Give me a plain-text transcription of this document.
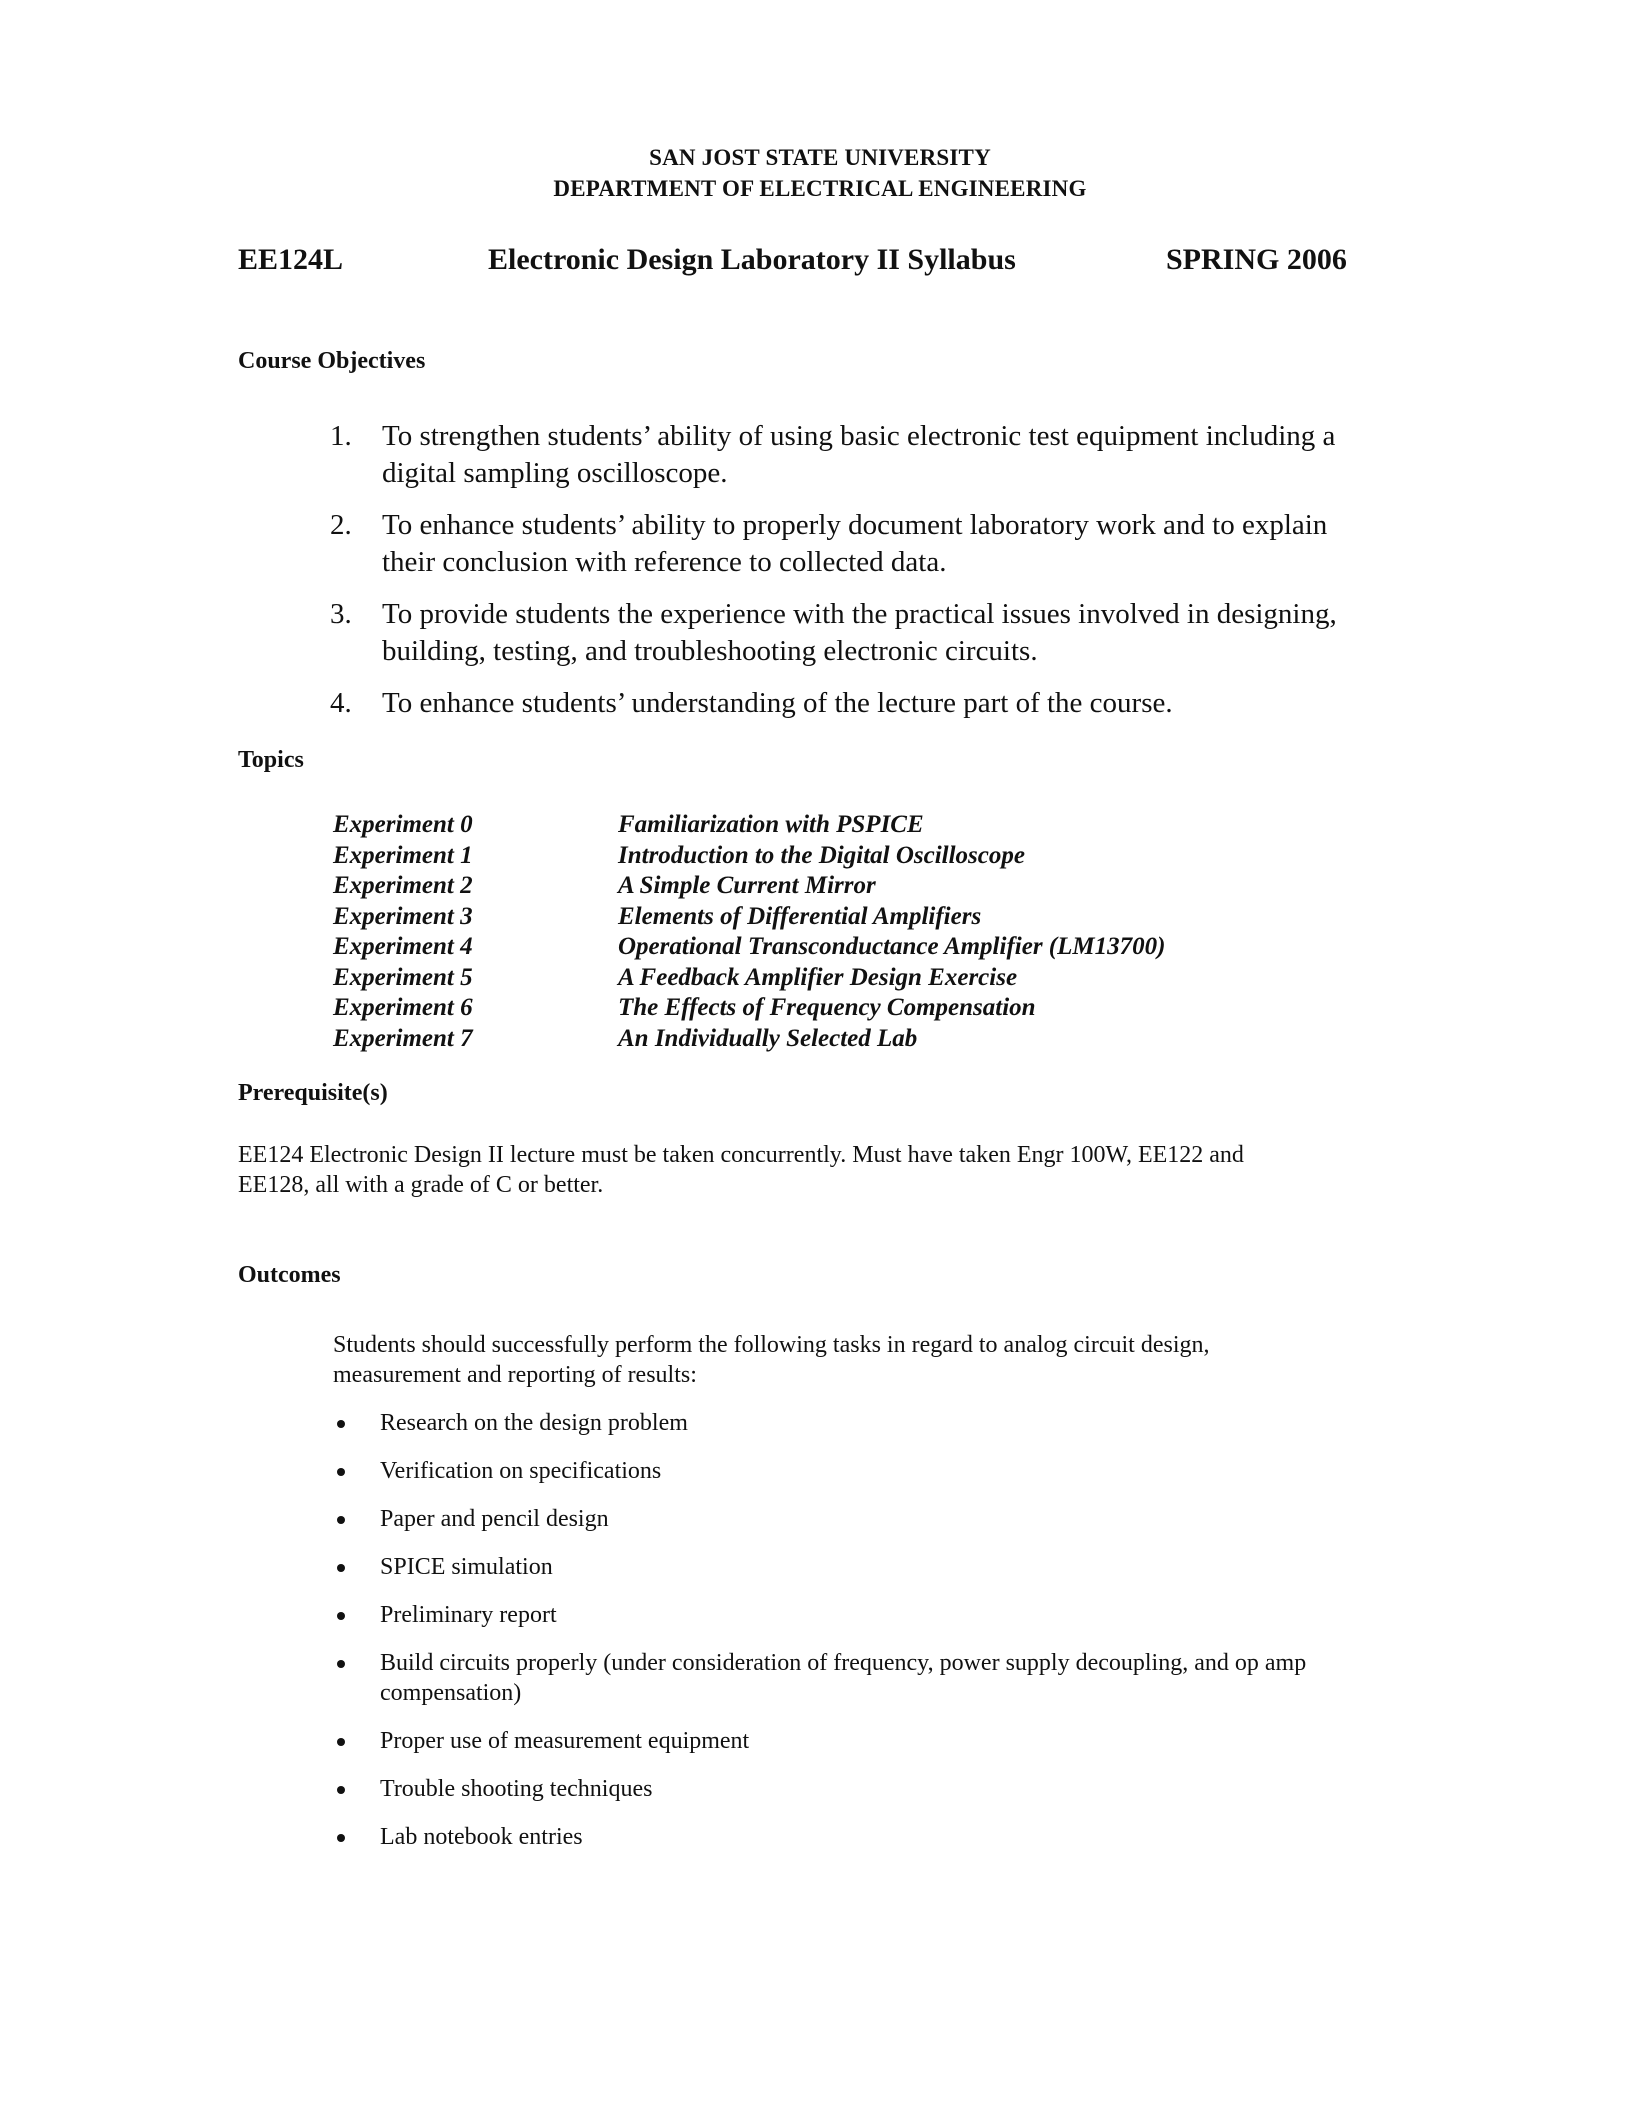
SAN JOST STATE UNIVERSITY
DEPARTMENT OF ELECTRICAL ENGINEERING
EE124L	Electronic Design Laboratory II Syllabus	SPRING 2006
Course Objectives
1. To strengthen students’ ability of using basic electronic test equipment including a digital sampling oscilloscope.
2. To enhance students’ ability to properly document laboratory work and to explain their conclusion with reference to collected data.
3. To provide students the experience with the practical issues involved in designing, building, testing, and troubleshooting electronic circuits.
4. To enhance students’ understanding of the lecture part of the course.
Topics
Experiment 0	Familiarization with PSPICE
Experiment 1	Introduction to the Digital Oscilloscope
Experiment 2	A Simple Current Mirror
Experiment 3	Elements of Differential Amplifiers
Experiment 4	Operational Transconductance Amplifier (LM13700)
Experiment 5	A Feedback Amplifier Design Exercise
Experiment 6	The Effects of Frequency Compensation
Experiment 7	An Individually Selected Lab
Prerequisite(s)
EE124 Electronic Design II lecture must be taken concurrently. Must have taken Engr 100W, EE122 and
EE128, all with a grade of C or better.
Outcomes
Students should successfully perform the following tasks in regard to analog circuit design,
measurement and reporting of results:
Research on the design problem
Verification on specifications
Paper and pencil design
SPICE simulation
Preliminary report
Build circuits properly (under consideration of frequency, power supply decoupling, and op amp compensation)
Proper use of measurement equipment
Trouble shooting techniques
Lab notebook entries
